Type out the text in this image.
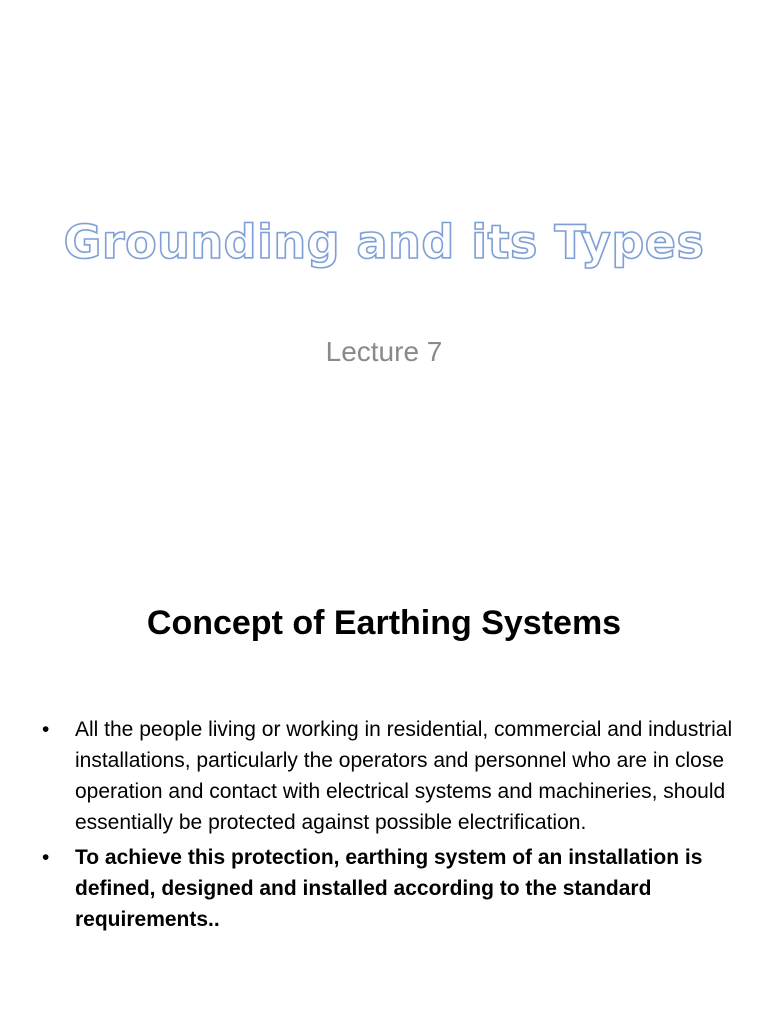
Grounding and its Types

Lecture 7

Concept of Earthing Systems
• All the people living or working in residential, commercial and industrial installations, particularly the operators and personnel who are in close operation and contact with electrical systems and machineries, should essentially be protected against possible electrification.
• To achieve this protection, earthing system of an installation is defined, designed and installed according to the standard requirements..
